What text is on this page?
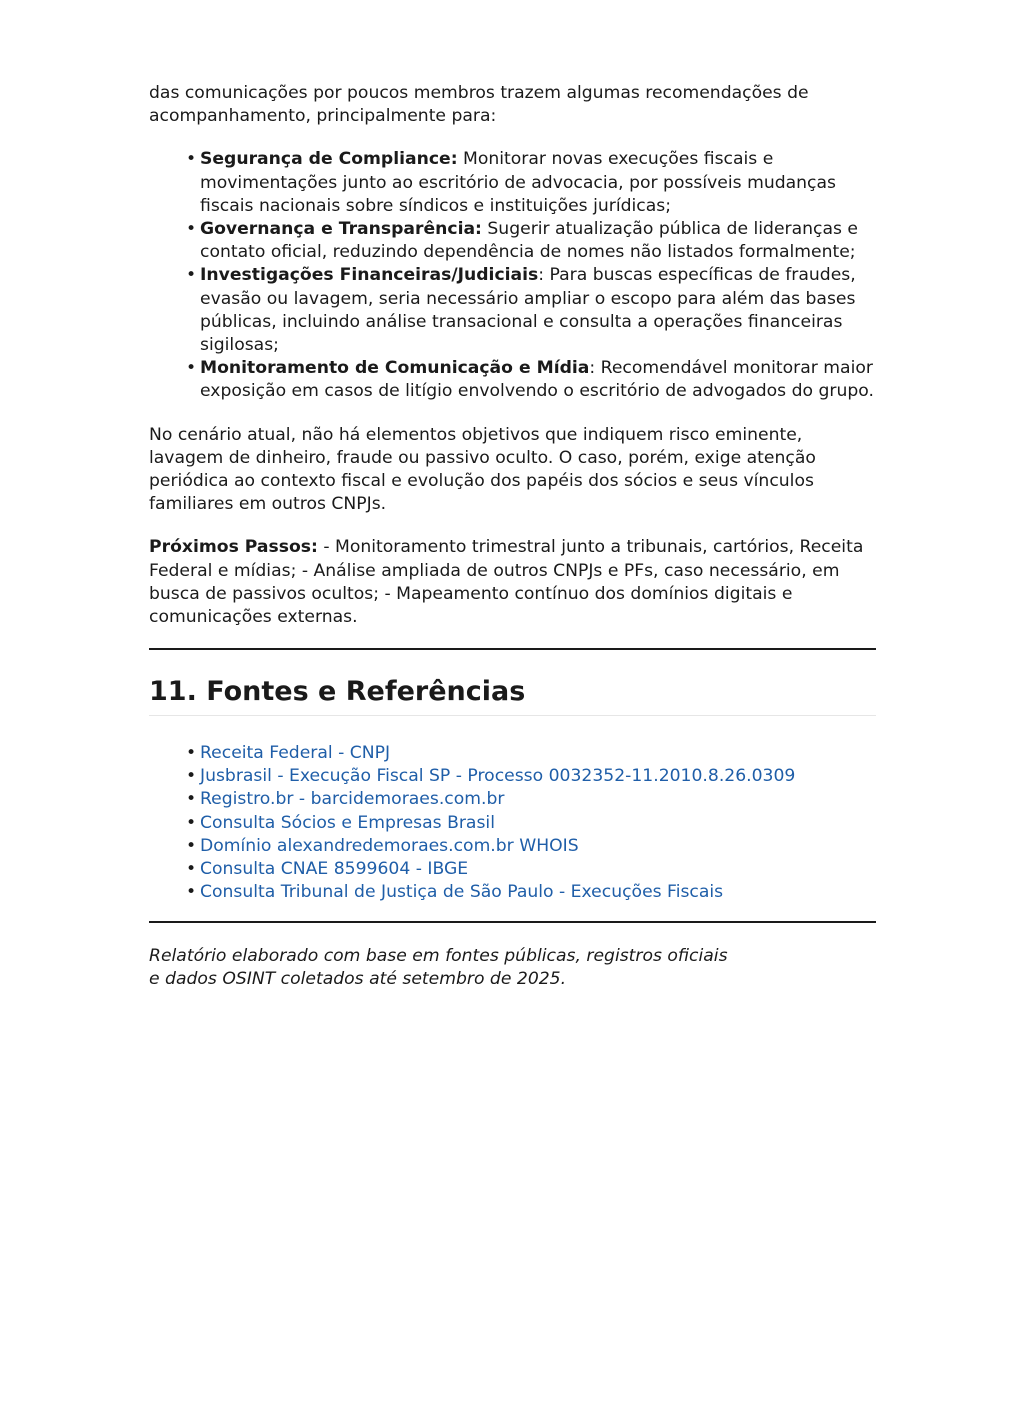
das comunicações por poucos membros trazem algumas recomendações de acompanhamento, principalmente para:

• Segurança de Compliance: Monitorar novas execuções fiscais e movimentações junto ao escritório de advocacia, por possíveis mudanças fiscais nacionais sobre síndicos e instituições jurídicas;
• Governança e Transparência: Sugerir atualização pública de lideranças e contato oficial, reduzindo dependência de nomes não listados formalmente;
• Investigações Financeiras/Judiciais: Para buscas específicas de fraudes, evasão ou lavagem, seria necessário ampliar o escopo para além das bases públicas, incluindo análise transacional e consulta a operações financeiras sigilosas;
• Monitoramento de Comunicação e Mídia: Recomendável monitorar maior exposição em casos de litígio envolvendo o escritório de advogados do grupo.

No cenário atual, não há elementos objetivos que indiquem risco eminente, lavagem de dinheiro, fraude ou passivo oculto. O caso, porém, exige atenção periódica ao contexto fiscal e evolução dos papéis dos sócios e seus vínculos familiares em outros CNPJs.

Próximos Passos: - Monitoramento trimestral junto a tribunais, cartórios, Receita Federal e mídias; - Análise ampliada de outros CNPJs e PFs, caso necessário, em busca de passivos ocultos; - Mapeamento contínuo dos domínios digitais e comunicações externas.

11. Fontes e Referências
• Receita Federal - CNPJ
• Jusbrasil - Execução Fiscal SP - Processo 0032352-11.2010.8.26.0309
• Registro.br - barcidemoraes.com.br
• Consulta Sócios e Empresas Brasil
• Domínio alexandredemoraes.com.br WHOIS
• Consulta CNAE 8599604 - IBGE
• Consulta Tribunal de Justiça de São Paulo - Execuções Fiscais

Relatório elaborado com base em fontes públicas, registros oficiais
e dados OSINT coletados até setembro de 2025.
